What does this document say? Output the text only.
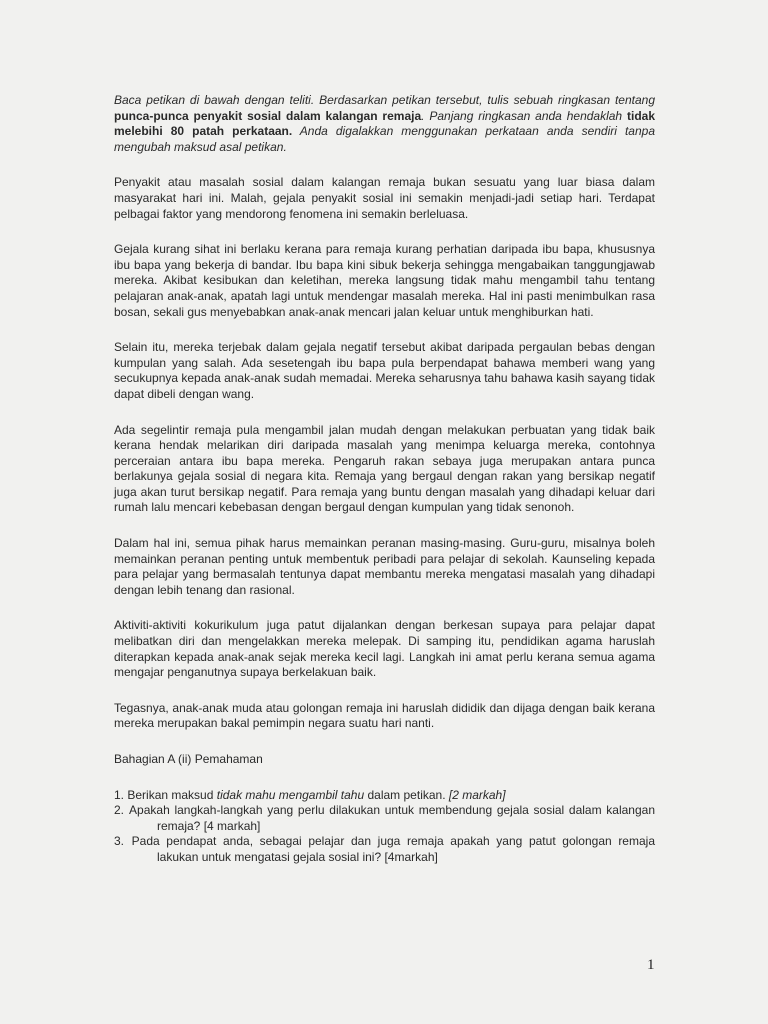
Baca petikan di bawah dengan teliti. Berdasarkan petikan tersebut, tulis sebuah ringkasan tentang punca-punca penyakit sosial dalam kalangan remaja. Panjang ringkasan anda hendaklah tidak melebihi 80 patah perkataan. Anda digalakkan menggunakan perkataan anda sendiri tanpa mengubah maksud asal petikan.

Penyakit atau masalah sosial dalam kalangan remaja bukan sesuatu yang luar biasa dalam masyarakat hari ini. Malah, gejala penyakit sosial ini semakin menjadi-jadi setiap hari. Terdapat pelbagai faktor yang mendorong fenomena ini semakin berleluasa.

Gejala kurang sihat ini berlaku kerana para remaja kurang perhatian daripada ibu bapa, khususnya ibu bapa yang bekerja di bandar. Ibu bapa kini sibuk bekerja sehingga mengabaikan tanggungjawab mereka. Akibat kesibukan dan keletihan, mereka langsung tidak mahu mengambil tahu tentang pelajaran anak-anak, apatah lagi untuk mendengar masalah mereka. Hal ini pasti menimbulkan rasa bosan, sekali gus menyebabkan anak-anak mencari jalan keluar untuk menghiburkan hati.

Selain itu, mereka terjebak dalam gejala negatif tersebut akibat daripada pergaulan bebas dengan kumpulan yang salah. Ada sesetengah ibu bapa pula berpendapat bahawa memberi wang yang secukupnya kepada anak-anak sudah memadai. Mereka seharusnya tahu bahawa kasih sayang tidak dapat dibeli dengan wang.

Ada segelintir remaja pula mengambil jalan mudah dengan melakukan perbuatan yang tidak baik kerana hendak melarikan diri daripada masalah yang menimpa keluarga mereka, contohnya perceraian antara ibu bapa mereka. Pengaruh rakan sebaya juga merupakan antara punca berlakunya gejala sosial di negara kita. Remaja yang bergaul dengan rakan yang bersikap negatif juga akan turut bersikap negatif. Para remaja yang buntu dengan masalah yang dihadapi keluar dari rumah lalu mencari kebebasan dengan bergaul dengan kumpulan yang tidak senonoh.

Dalam hal ini, semua pihak harus memainkan peranan masing-masing. Guru-guru, misalnya boleh memainkan peranan penting untuk membentuk peribadi para pelajar di sekolah. Kaunseling kepada para pelajar yang bermasalah tentunya dapat membantu mereka mengatasi masalah yang dihadapi dengan lebih tenang dan rasional.

Aktiviti-aktiviti kokurikulum juga patut dijalankan dengan berkesan supaya para pelajar dapat melibatkan diri dan mengelakkan mereka melepak. Di samping itu, pendidikan agama haruslah diterapkan kepada anak-anak sejak mereka kecil lagi. Langkah ini amat perlu kerana semua agama mengajar penganutnya supaya berkelakuan baik.

Tegasnya, anak-anak muda atau golongan remaja ini haruslah dididik dan dijaga dengan baik kerana mereka merupakan bakal pemimpin negara suatu hari nanti.

Bahagian A (ii) Pemahaman

1. Berikan maksud tidak mahu mengambil tahu dalam petikan. [2 markah]
2. Apakah langkah-langkah yang perlu dilakukan untuk membendung gejala sosial dalam kalangan remaja? [4 markah]
3. Pada pendapat anda, sebagai pelajar dan juga remaja apakah yang patut golongan remaja lakukan untuk mengatasi gejala sosial ini? [4markah]
1
